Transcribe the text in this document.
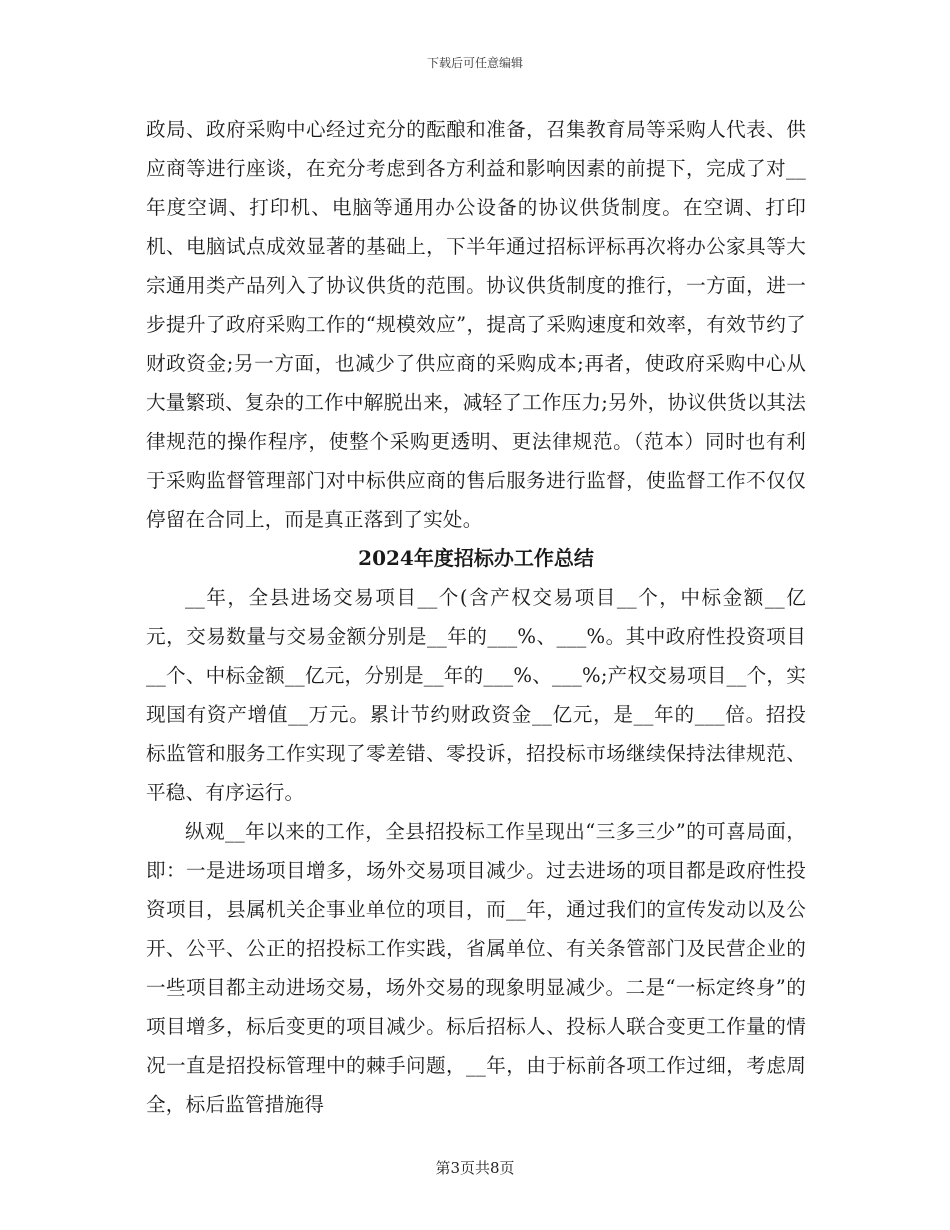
下载后可任意编辑

政局、政府采购中心经过充分的酝酿和准备，召集教育局等采购人代表、供应商等进行座谈，在充分考虑到各方利益和影响因素的前提下，完成了对__年度空调、打印机、电脑等通用办公设备的协议供货制度。在空调、打印机、电脑试点成效显著的基础上，下半年通过招标评标再次将办公家具等大宗通用类产品列入了协议供货的范围。协议供货制度的推行，一方面，进一步提升了政府采购工作的“规模效应”，提高了采购速度和效率，有效节约了财政资金;另一方面，也减少了供应商的采购成本;再者，使政府采购中心从大量繁琐、复杂的工作中解脱出来，减轻了工作压力;另外，协议供货以其法律规范的操作程序，使整个采购更透明、更法律规范。（范本）同时也有利于采购监督管理部门对中标供应商的售后服务进行监督，使监督工作不仅仅停留在合同上，而是真正落到了实处。

2024年度招标办工作总结

__年，全县进场交易项目__个(含产权交易项目__个，中标金额__亿元，交易数量与交易金额分别是__年的___%、___%。其中政府性投资项目__个、中标金额__亿元，分别是__年的___%、___%;产权交易项目__个，实现国有资产增值__万元。累计节约财政资金__亿元，是__年的___倍。招投标监管和服务工作实现了零差错、零投诉，招投标市场继续保持法律规范、平稳、有序运行。

纵观__年以来的工作，全县招投标工作呈现出“三多三少”的可喜局面，即：一是进场项目增多，场外交易项目减少。过去进场的项目都是政府性投资项目，县属机关企事业单位的项目，而__年，通过我们的宣传发动以及公开、公平、公正的招投标工作实践，省属单位、有关条管部门及民营企业的一些项目都主动进场交易，场外交易的现象明显减少。二是“一标定终身”的项目增多，标后变更的项目减少。标后招标人、投标人联合变更工作量的情况一直是招投标管理中的棘手问题，__年，由于标前各项工作过细，考虑周全，标后监管措施得

第3页共8页
